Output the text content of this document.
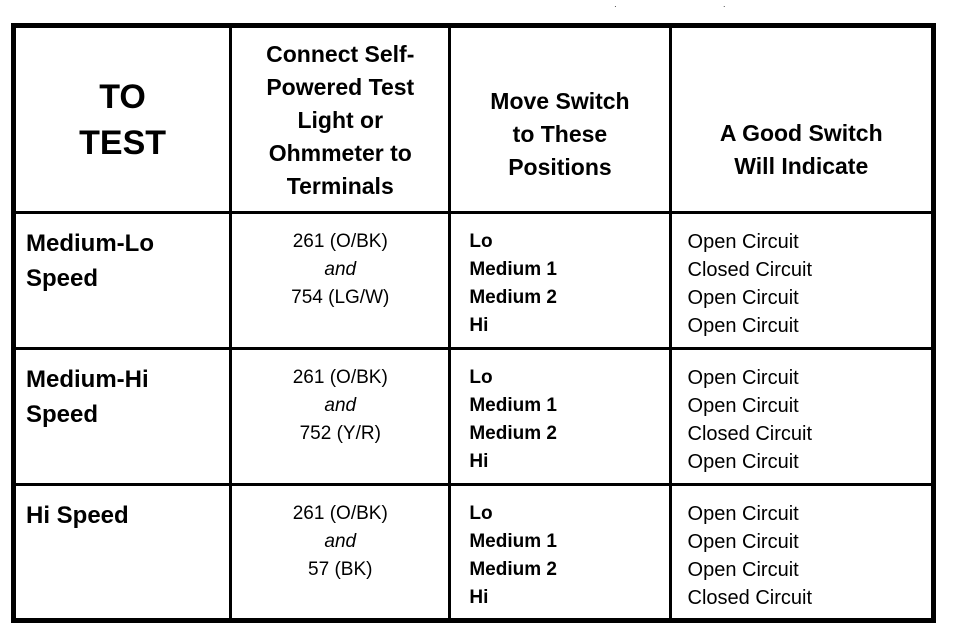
· ·
TO
TEST	Connect Self-
Powered Test
Light or
Ohmmeter to
Terminals	Move Switch
to These
Positions	A Good Switch
Will Indicate

Medium-Lo
Speed	261 (O/BK)
and
754 (LG/W)	Lo
Medium 1
Medium 2
Hi	Open Circuit
Closed Circuit
Open Circuit
Open Circuit

Medium-Hi
Speed	261 (O/BK)
and
752 (Y/R)	Lo
Medium 1
Medium 2
Hi	Open Circuit
Open Circuit
Closed Circuit
Open Circuit

Hi Speed	261 (O/BK)
and
57 (BK)	Lo
Medium 1
Medium 2
Hi	Open Circuit
Open Circuit
Open Circuit
Closed Circuit
